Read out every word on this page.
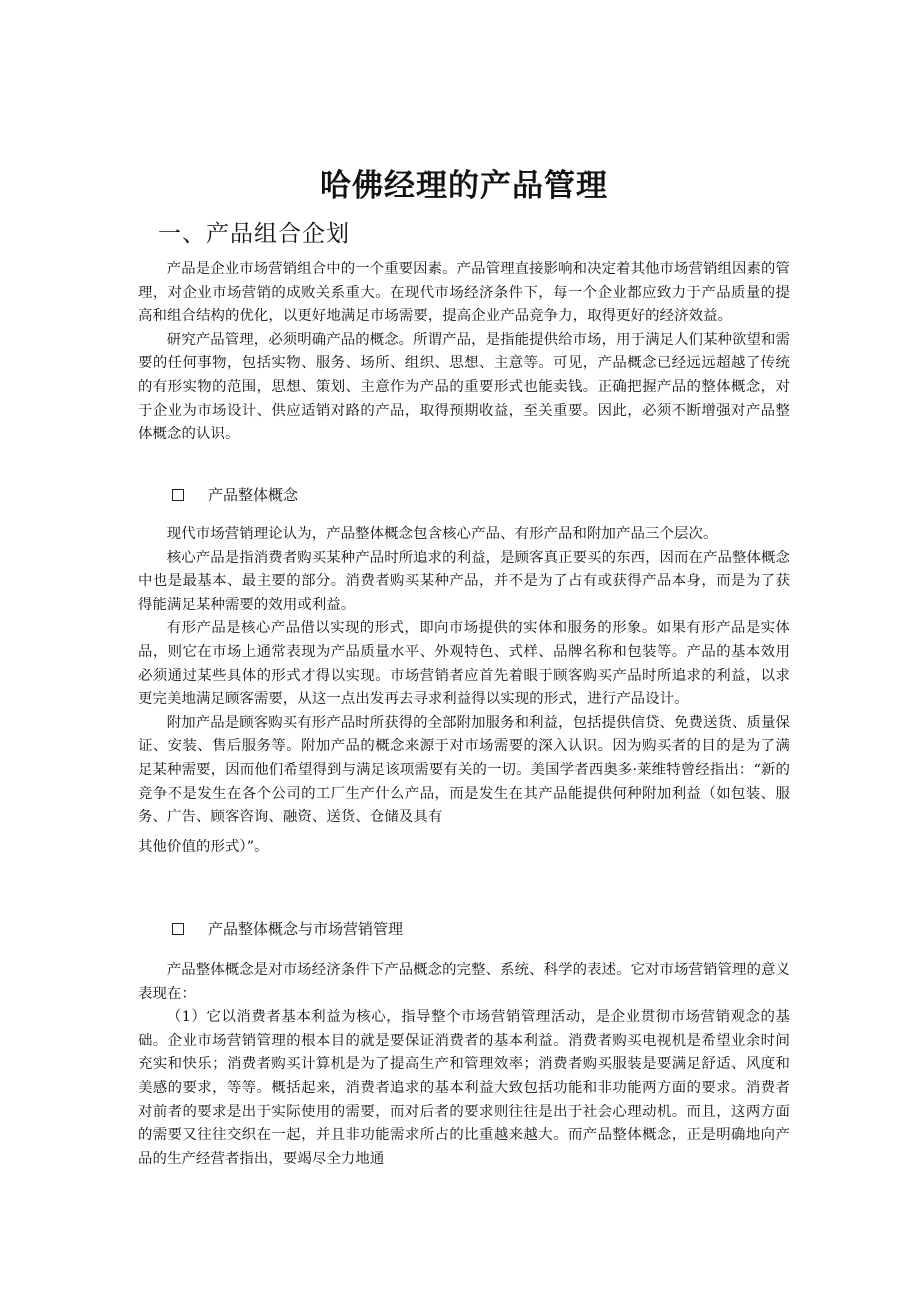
哈佛经理的产品管理
一、产品组合企划

产品是企业市场营销组合中的一个重要因素。产品管理直接影响和决定着其他市场营销组因素的管理，对企业市场营销的成败关系重大。在现代市场经济条件下，每一个企业都应致力于产品质量的提高和组合结构的优化，以更好地满足市场需要，提高企业产品竞争力，取得更好的经济效益。

研究产品管理，必须明确产品的概念。所谓产品，是指能提供给市场，用于满足人们某种欲望和需要的任何事物，包括实物、服务、场所、组织、思想、主意等。可见，产品概念已经远远超越了传统的有形实物的范围，思想、策划、主意作为产品的重要形式也能卖钱。正确把握产品的整体概念，对于企业为市场设计、供应适销对路的产品，取得预期收益，至关重要。因此，必须不断增强对产品整体概念的认识。

产品整体概念

现代市场营销理论认为，产品整体概念包含核心产品、有形产品和附加产品三个层次。

核心产品是指消费者购买某种产品时所追求的利益，是顾客真正要买的东西，因而在产品整体概念中也是最基本、最主要的部分。消费者购买某种产品，并不是为了占有或获得产品本身，而是为了获得能满足某种需要的效用或利益。

有形产品是核心产品借以实现的形式，即向市场提供的实体和服务的形象。如果有形产品是实体品，则它在市场上通常表现为产品质量水平、外观特色、式样、品牌名称和包装等。产品的基本效用必须通过某些具体的形式才得以实现。市场营销者应首先着眼于顾客购买产品时所追求的利益，以求更完美地满足顾客需要，从这一点出发再去寻求利益得以实现的形式，进行产品设计。

附加产品是顾客购买有形产品时所获得的全部附加服务和利益，包括提供信贷、免费送货、质量保证、安装、售后服务等。附加产品的概念来源于对市场需要的深入认识。因为购买者的目的是为了满足某种需要，因而他们希望得到与满足该项需要有关的一切。美国学者西奥多·莱维特曾经指出：“新的竞争不是发生在各个公司的工厂生产什么产品，而是发生在其产品能提供何种附加利益（如包装、服务、广告、顾客咨询、融资、送货、仓储及具有

其他价值的形式）”。

产品整体概念与市场营销管理

产品整体概念是对市场经济条件下产品概念的完整、系统、科学的表述。它对市场营销管理的意义表现在：

（1）它以消费者基本利益为核心，指导整个市场营销管理活动，是企业贯彻市场营销观念的基础。企业市场营销管理的根本目的就是要保证消费者的基本利益。消费者购买电视机是希望业余时间充实和快乐；消费者购买计算机是为了提高生产和管理效率；消费者购买服装是要满足舒适、风度和美感的要求，等等。概括起来，消费者追求的基本利益大致包括功能和非功能两方面的要求。消费者对前者的要求是出于实际使用的需要，而对后者的要求则往往是出于社会心理动机。而且，这两方面的需要又往往交织在一起，并且非功能需求所占的比重越来越大。而产品整体概念，正是明确地向产品的生产经营者指出，要竭尽全力地通
